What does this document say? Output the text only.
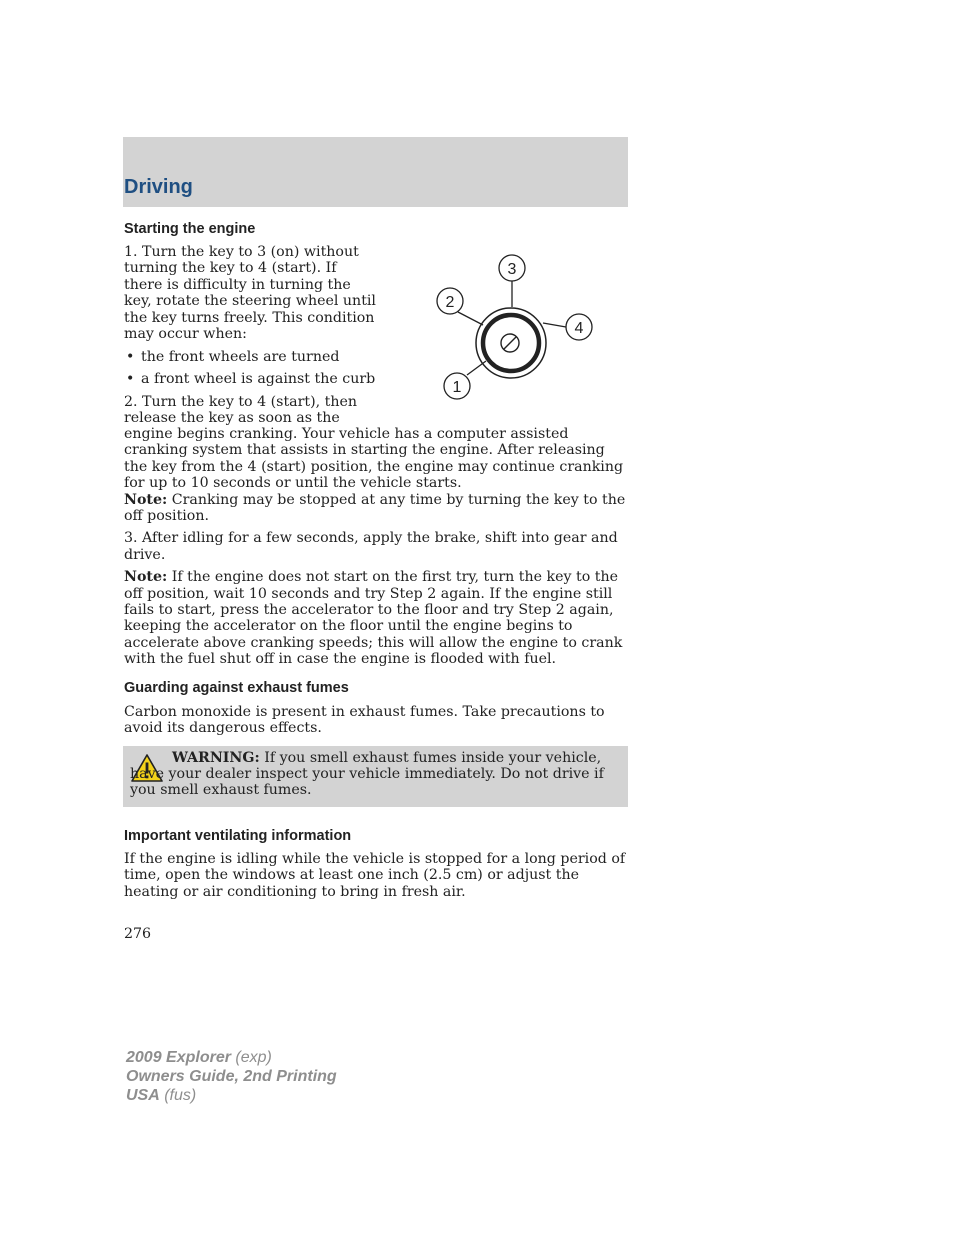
Driving
Starting the engine

1. Turn the key to 3 (on) without turning the key to 4 (start). If there is difficulty in turning the key, rotate the steering wheel until the key turns freely. This condition may occur when:

• the front wheels are turned

• a front wheel is against the curb

2. Turn the key to 4 (start), then release the key as soon as the

engine begins cranking. Your vehicle has a computer assisted cranking system that assists in starting the engine. After releasing the key from the 4 (start) position, the engine may continue cranking for up to 10 seconds or until the vehicle starts.

Note: Cranking may be stopped at any time by turning the key to the off position.

3. After idling for a few seconds, apply the brake, shift into gear and drive.

Note: If the engine does not start on the first try, turn the key to the off position, wait 10 seconds and try Step 2 again. If the engine still fails to start, press the accelerator to the floor and try Step 2 again, keeping the accelerator on the floor until the engine begins to accelerate above cranking speeds; this will allow the engine to crank with the fuel shut off in case the engine is flooded with fuel.

3
2
4
1
Guarding against exhaust fumes

Carbon monoxide is present in exhaust fumes. Take precautions to avoid its dangerous effects.

WARNING: If you smell exhaust fumes inside your vehicle, have your dealer inspect your vehicle immediately. Do not drive if you smell exhaust fumes.

Important ventilating information

If the engine is idling while the vehicle is stopped for a long period of time, open the windows at least one inch (2.5 cm) or adjust the heating or air conditioning to bring in fresh air.

276
2009 Explorer (exp)
Owners Guide, 2nd Printing
USA (fus)
